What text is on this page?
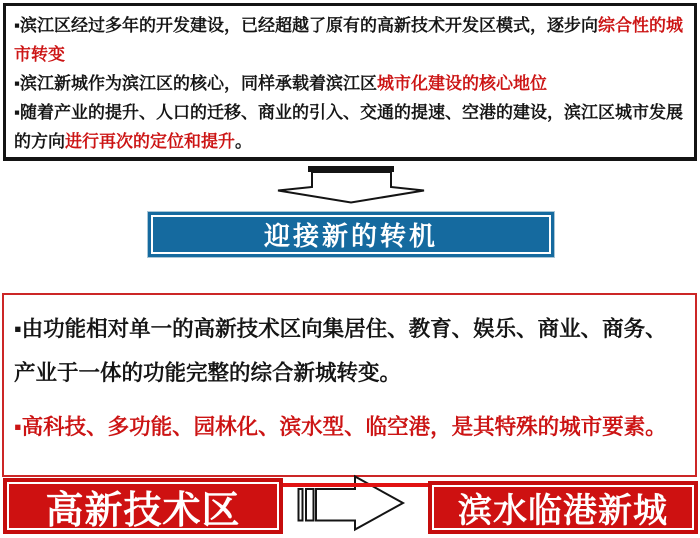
▪滨江区经过多年的开发建设，已经超越了原有的高新技术开发区模式，逐步向综合性的城市转变

▪滨江新城作为滨江区的核心，同样承载着滨江区城市化建设的核心地位

▪随着产业的提升、人口的迁移、商业的引入、交通的提速、空港的建设，滨江区城市发展的方向进行再次的定位和提升。

迎接新的转机

▪由功能相对单一的高新技术区向集居住、教育、娱乐、商业、商务、产业于一体的功能完整的综合新城转变。

▪高科技、多功能、园林化、滨水型、临空港，是其特殊的城市要素。

高新技术区	滨水临港新城
